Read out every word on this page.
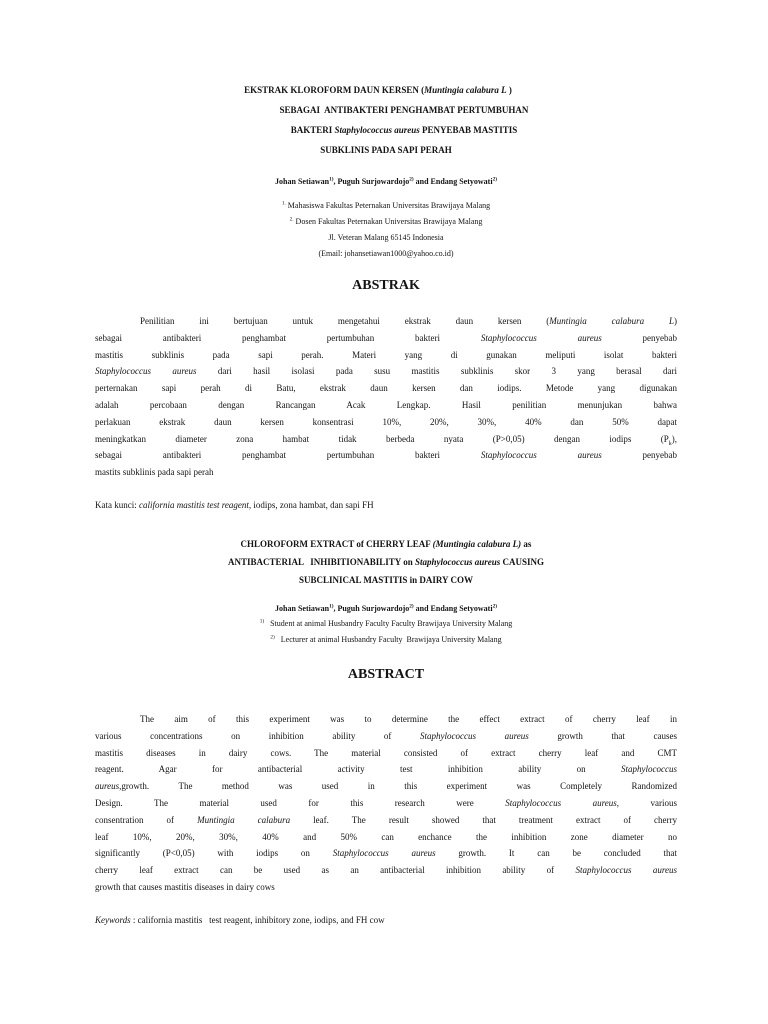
EKSTRAK KLOROFORM DAUN KERSEN (Muntingia calabura L )
SEBAGAI  ANTIBAKTERI PENGHAMBAT PERTUMBUHAN
BAKTERI Staphylococcus aureus PENYEBAB MASTITIS
SUBKLINIS PADA SAPI PERAH
Johan Setiawan$^{1)}$, Puguh Surjowardojo$^{2)}$ and Endang Setyowati$^{2)}$
$^{1.}$ Mahasiswa Fakultas Peternakan Universitas Brawijaya Malang
$^{2.}$ Dosen Fakultas Peternakan Universitas Brawijaya Malang
Jl. Veteran Malang 65145 Indonesia
(Email: johansetiawan1000@yahoo.co.id)
ABSTRAK
Penilitian ini bertujuan untuk mengetahui ekstrak daun kersen (Muntingia calabura L)
sebagai antibakteri penghambat pertumbuhan bakteri Staphylococcus aureus penyebab
mastitis subklinis pada sapi perah. Materi yang di gunakan meliputi isolat bakteri
Staphylococcus aureus dari hasil isolasi pada susu mastitis subklinis skor 3 yang berasal dari
perternakan sapi perah di Batu, ekstrak daun kersen dan iodips. Metode yang digunakan
adalah percobaan dengan Rancangan Acak Lengkap. Hasil penilitian menunjukan bahwa
perlakuan ekstrak daun kersen konsentrasi 10%, 20%, 30%, 40% dan 50% dapat
meningkatkan diameter zona hambat tidak berbeda nyata (P>0,05) dengan iodips $(P_k)$,
sebagai antibakteri penghambat pertumbuhan bakteri Staphylococcus aureus penyebab
mastits subklinis pada sapi perah
Kata kunci: california mastitis test reagent, iodips, zona hambat, dan sapi FH
CHLOROFORM EXTRACT of CHERRY LEAF (Muntingia calabura L) as
ANTIBACTERIAL   INHIBITIONABILITY on Staphylococcus aureus CAUSING
SUBCLINICAL MASTITIS in DAIRY COW
Johan Setiawan$^{1)}$, Puguh Surjowardojo$^{2)}$ and Endang Setyowati$^{2)}$
$^{1)}$   Student at animal Husbandry Faculty Faculty Brawijaya University Malang
$^{2)}$   Lecturer at animal Husbandry Faculty  Brawijaya University Malang
ABSTRACT
The aim of this experiment was to determine the effect extract of cherry leaf in
various concentrations on inhibition ability of Staphylococcus aureus growth that causes
mastitis diseases in dairy cows. The material consisted of extract cherry leaf and CMT
reagent. Agar for antibacterial activity test inhibition ability on Staphylococcus
aureus,growth. The method was used in this experiment was Completely Randomized
Design. The material used for this research were Staphylococcus aureus, various
consentration of Muntingia calabura leaf. The result showed that treatment extract of cherry
leaf 10%, 20%, 30%, 40% and 50% can enchance the inhibition zone diameter no
significantly (P<0,05) with iodips on Staphylococcus aureus growth. It can be concluded that
cherry leaf extract can be used as an antibacterial inhibition ability of Staphylococcus aureus
growth that causes mastitis diseases in dairy cows
Keywords : california mastitis   test reagent, inhibitory zone, iodips, and FH cow
